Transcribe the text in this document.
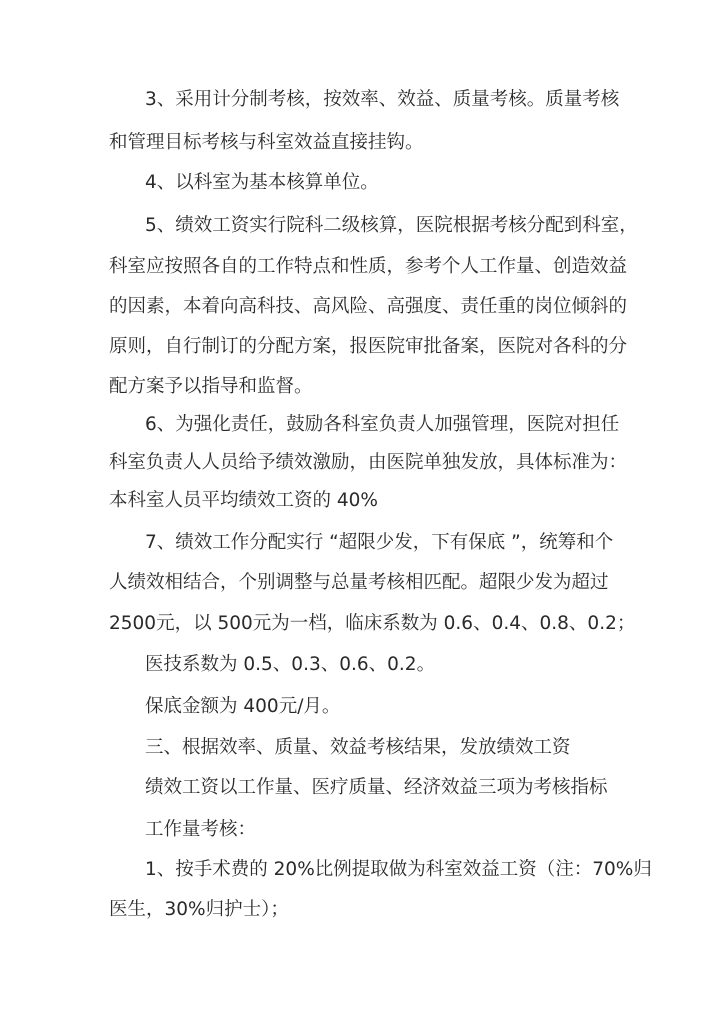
3、采用计分制考核，按效率、效益、质量考核。质量考核
和管理目标考核与科室效益直接挂钩。
4、以科室为基本核算单位。
5、绩效工资实行院科二级核算，医院根据考核分配到科室，
科室应按照各自的工作特点和性质，参考个人工作量、创造效益
的因素，本着向高科技、高风险、高强度、责任重的岗位倾斜的
原则，自行制订的分配方案，报医院审批备案，医院对各科的分
配方案予以指导和监督。
6、为强化责任，鼓励各科室负责人加强管理，医院对担任
科室负责人人员给予绩效激励，由医院单独发放，具体标准为：
本科室人员平均绩效工资的 40%
7、绩效工作分配实行 “超限少发，下有保底 ”，统筹和个
人绩效相结合，个别调整与总量考核相匹配。超限少发为超过
2500元，以 500元为一档，临床系数为 0.6、0.4、0.8、0.2；
医技系数为 0.5、0.3、0.6、0.2。
保底金额为 400元/月。
三、根据效率、质量、效益考核结果，发放绩效工资
绩效工资以工作量、医疗质量、经济效益三项为考核指标
工作量考核：
1、按手术费的 20%比例提取做为科室效益工资（注：70%归
医生，30%归护士）；
